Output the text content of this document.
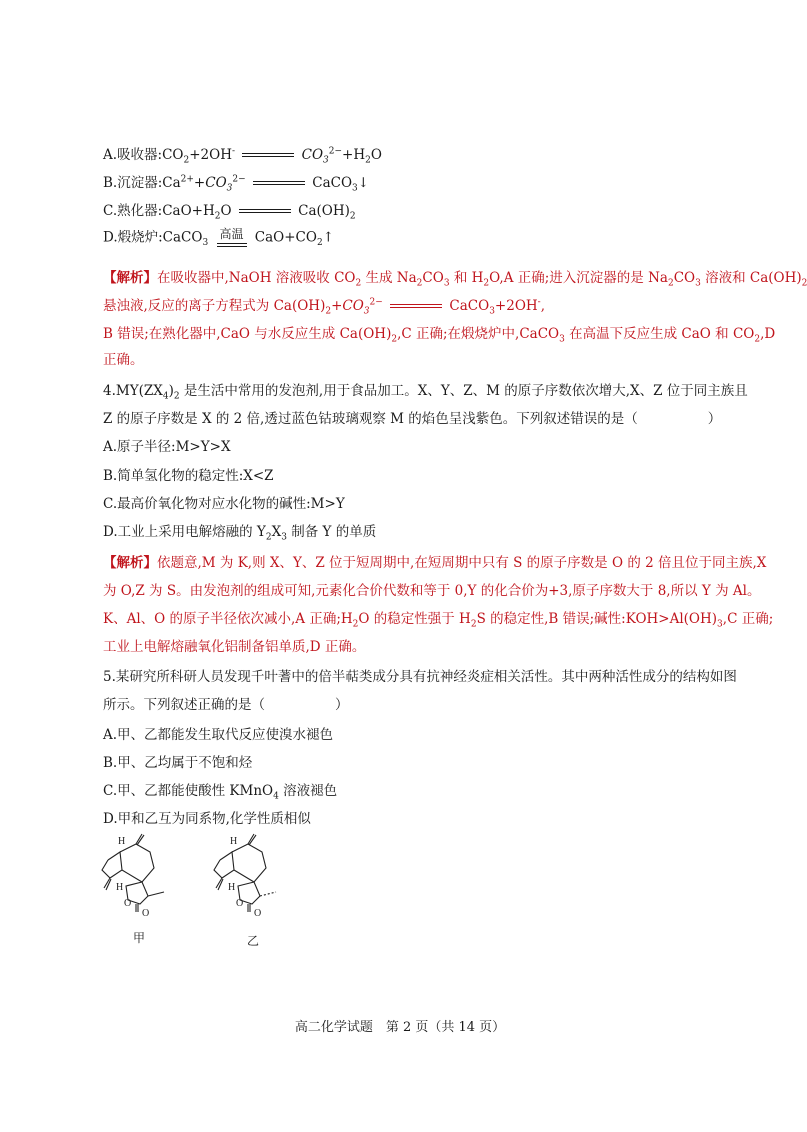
A.吸收器$:CO_2+2OH^-$	$CO_3^{2-}+H_2O$
B.沉淀器$:Ca^{2+}+CO_3^{2-}$	CaCO$_3$↓
C.熟化器$:CaO+H_2O$	$Ca(OH)_2$
D.煅烧炉:CaCO$_3$
高温 $CaO+CO_2↑$
【解析】在吸收器中,NaOH 溶液吸收 $CO_2$ 生成 $Na_2CO_3$ 和 $H_2O,A$ 正确;进入沉淀器的是 $Na_2CO_3$ 溶液和 $Ca(OH)_2$
悬浊液,反应的离子方程式为 $Ca(OH)_2+CO_3^{2-}$	CaCO$_3$+2OH-,
B 错误;在熟化器中,CaO 与水反应生成 $Ca(OH)_2,C$ 正确;在煅烧炉中,CaCO$_3$ 在高温下反应生成 CaO 和 $CO_2,D$
正确。
$4.MY(ZX_4)_2$ 是生活中常用的发泡剂,用于食品加工。X、Y、Z、M 的原子序数依次增大,X、Z 位于同主族且
Z 的原子序数是 X 的 2 倍,透过蓝色钴玻璃观察 M 的焰色呈浅紫色。下列叙述错误的是（	）
A.原子半径:M>Y>X
B.简单氢化物的稳定性:X<Z
C.最高价氧化物对应水化物的碱性:M>Y
D.工业上采用电解熔融的 $Y_2X_3$ 制备 Y 的单质
【解析】依题意,M 为 K,则 X、Y、Z 位于短周期中,在短周期中只有 S 的原子序数是 O 的 2 倍且位于同主族,X
为 O,Z 为 S。由发泡剂的组成可知,元素化合价代数和等于 0,Y 的化合价为+3,原子序数大于 8,所以 Y 为 Al。
K、Al、O 的原子半径依次减小,A 正确$;H_2O$ 的稳定性强于 $H_2S$ 的稳定性,B 错误;碱性$:KOH>Al(OH)_3,C$ 正确;
工业上电解熔融氧化铝制备铝单质,D 正确。
5.某研究所科研人员发现千叶蓍中的倍半萜类成分具有抗神经炎症相关活性。其中两种活性成分的结构如图
所示。下列叙述正确的是（	）
A.甲、乙都能发生取代反应使溴水褪色
B.甲、乙均属于不饱和烃
C.甲、乙都能使酸性 KMnO$_4$ 溶液褪色
D.甲和乙互为同系物,化学性质相似
H
H
O
O
甲
H
H
O
O
乙
高二化学试题　第 2 页（共 14 页）
